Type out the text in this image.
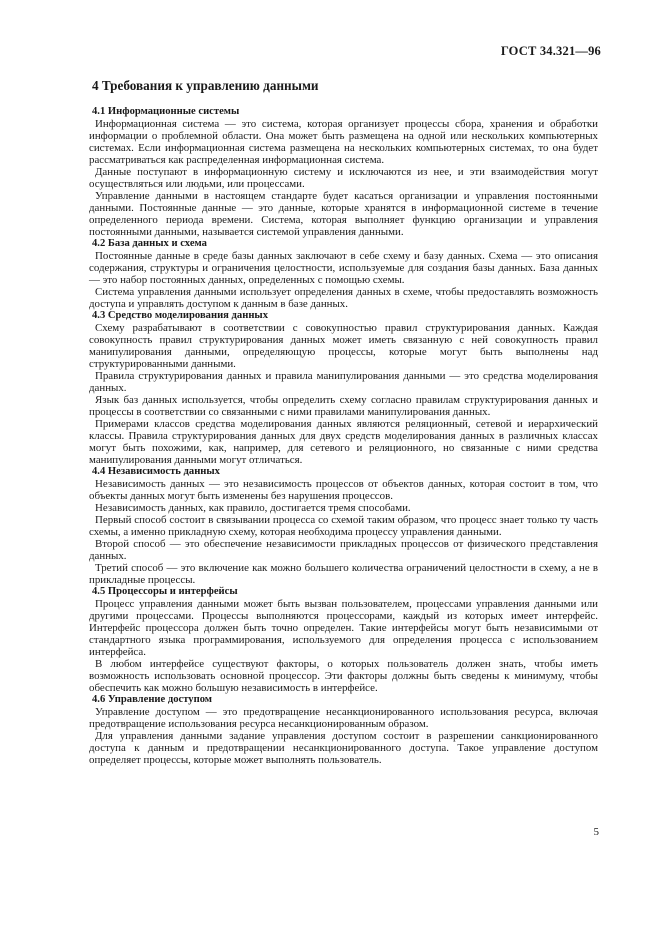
ГОСТ 34.321—96
4 Требования к управлению данными
4.1 Информационные системы

Информационная система — это система, которая организует процессы сбора, хранения и обработки информации о проблемной области. Она может быть размещена на одной или нескольких компьютерных системах. Если информационная система размещена на нескольких компьютерных системах, то она будет рассматриваться как распределенная информационная система.

Данные поступают в информационную систему и исключаются из нее, и эти взаимодействия могут осуществляться или людьми, или процессами.

Управление данными в настоящем стандарте будет касаться организации и управления постоянными данными. Постоянные данные — это данные, которые хранятся в информационной системе в течение определенного периода времени. Система, которая выполняет функцию организации и управления постоянными данными, называется системой управления данными.

4.2 База данных и схема

Постоянные данные в среде базы данных заключают в себе схему и базу данных. Схема — это описания содержания, структуры и ограничения целостности, используемые для создания базы данных. База данных — это набор постоянных данных, определенных с помощью схемы.

Система управления данными использует определения данных в схеме, чтобы предоставлять возможность доступа и управлять доступом к данным в базе данных.

4.3 Средство моделирования данных

Схему разрабатывают в соответствии с совокупностью правил структурирования данных. Каждая совокупность правил структурирования данных может иметь связанную с ней совокупность правил манипулирования данными, определяющую процессы, которые могут быть выполнены над структурированными данными.

Правила структурирования данных и правила манипулирования данными — это средства моделирования данных.

Язык баз данных используется, чтобы определить схему согласно правилам структурирования данных и процессы в соответствии со связанными с ними правилами манипулирования данных.

Примерами классов средства моделирования данных являются реляционный, сетевой и иерархический классы. Правила структурирования данных для двух средств моделирования данных в различных классах могут быть похожими, как, например, для сетевого и реляционного, но связанные с ними средства манипулирования данными могут отличаться.

4.4 Независимость данных

Независимость данных — это независимость процессов от объектов данных, которая состоит в том, что объекты данных могут быть изменены без нарушения процессов.

Независимость данных, как правило, достигается тремя способами.

Первый способ состоит в связывании процесса со схемой таким образом, что процесс знает только ту часть схемы, а именно прикладную схему, которая необходима процессу управления данными.

Второй способ — это обеспечение независимости прикладных процессов от физического представления данных.

Третий способ — это включение как можно большего количества ограничений целостности в схему, а не в прикладные процессы.

4.5 Процессоры и интерфейсы

Процесс управления данными может быть вызван пользователем, процессами управления данными или другими процессами. Процессы выполняются процессорами, каждый из которых имеет интерфейс. Интерфейс процессора должен быть точно определен. Такие интерфейсы могут быть независимыми от стандартного языка программирования, используемого для определения процесса с использованием интерфейса.

В любом интерфейсе существуют факторы, о которых пользователь должен знать, чтобы иметь возможность использовать основной процессор. Эти факторы должны быть сведены к минимуму, чтобы обеспечить как можно большую независимость в интерфейсе.

4.6 Управление доступом

Управление доступом — это предотвращение несанкционированного использования ресурса, включая предотвращение использования ресурса несанкционированным образом.

Для управления данными задание управления доступом состоит в разрешении санкционированного доступа к данным и предотвращении несанкционированного доступа. Такое управление доступом определяет процессы, которые может выполнять пользователь.

5
